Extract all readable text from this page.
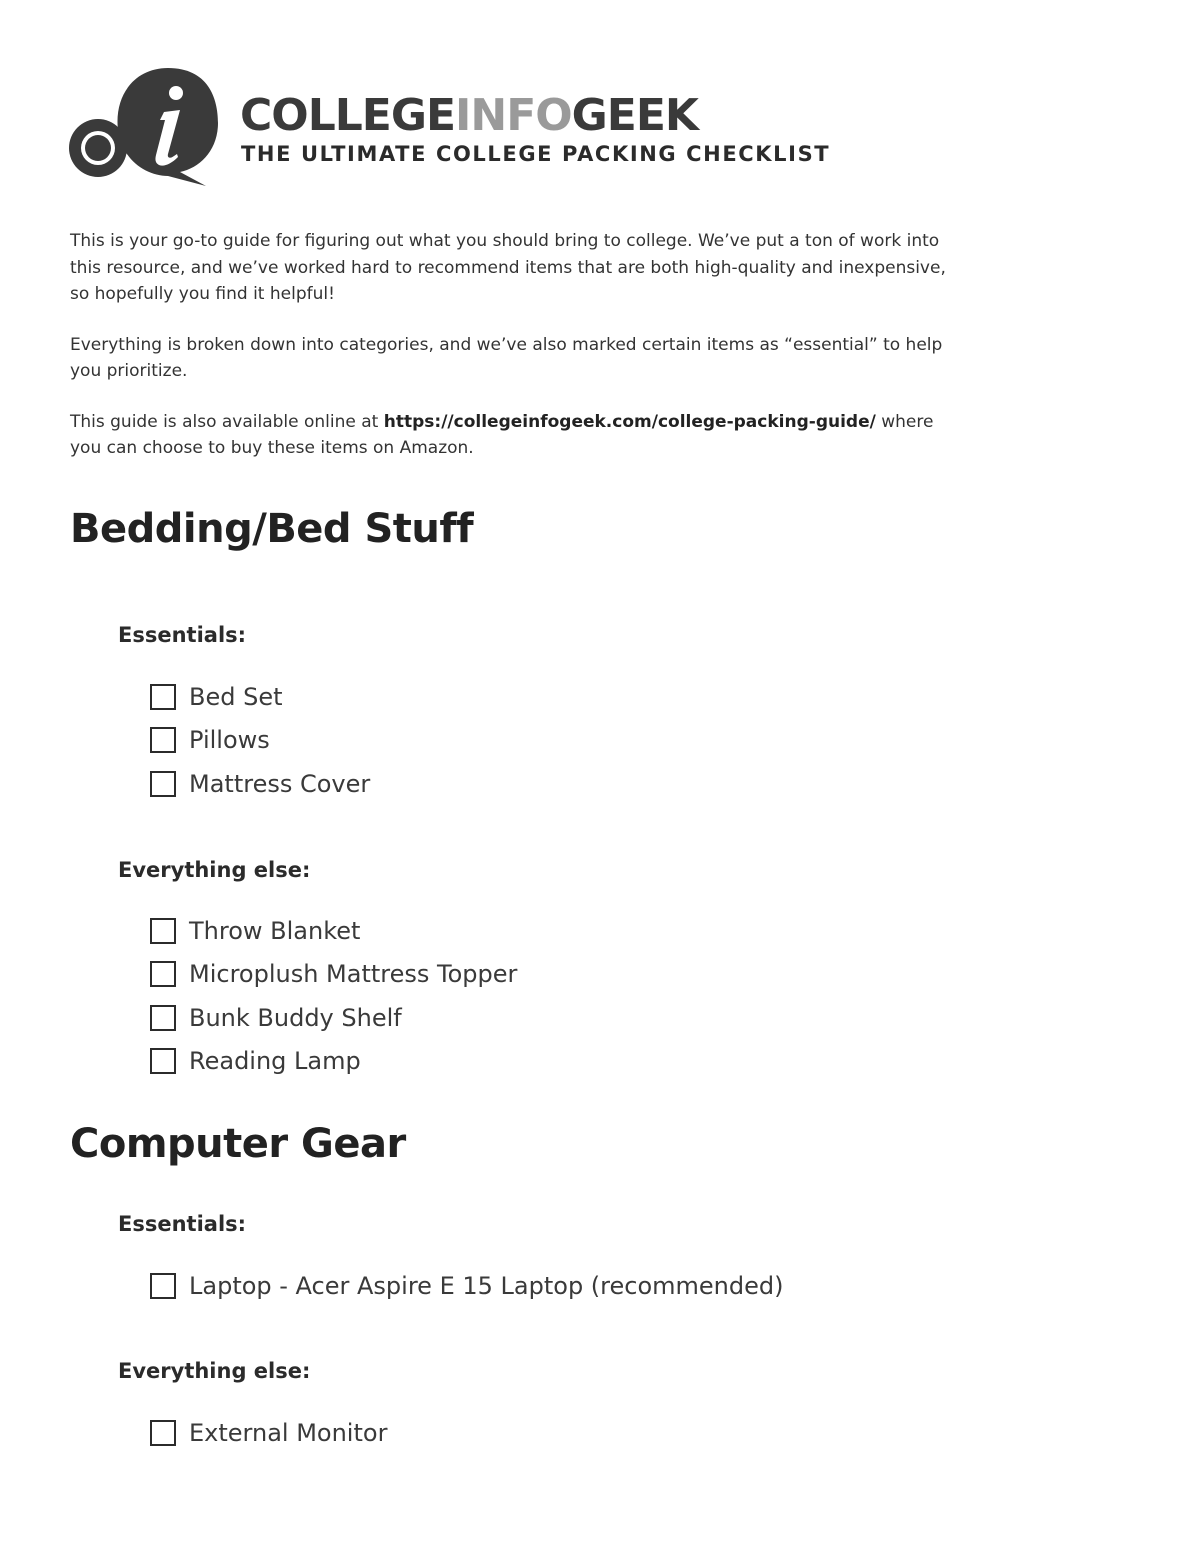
COLLEGEINFOGEEK
THE ULTIMATE COLLEGE PACKING CHECKLIST

This is your go-to guide for figuring out what you should bring to college. We’ve put a ton of work into this resource, and we’ve worked hard to recommend items that are both high-quality and inexpensive, so hopefully you find it helpful!

Everything is broken down into categories, and we’ve also marked certain items as “essential” to help you prioritize.

This guide is also available online at https://collegeinfogeek.com/college-packing-guide/ where you can choose to buy these items on Amazon.

Bedding/Bed Stuff
Essentials:
Bed Set
Pillows
Mattress Cover
Everything else:
Throw Blanket
Microplush Mattress Topper
Bunk Buddy Shelf
Reading Lamp
Computer Gear
Essentials:
Laptop - Acer Aspire E 15 Laptop (recommended)
Everything else:
External Monitor
